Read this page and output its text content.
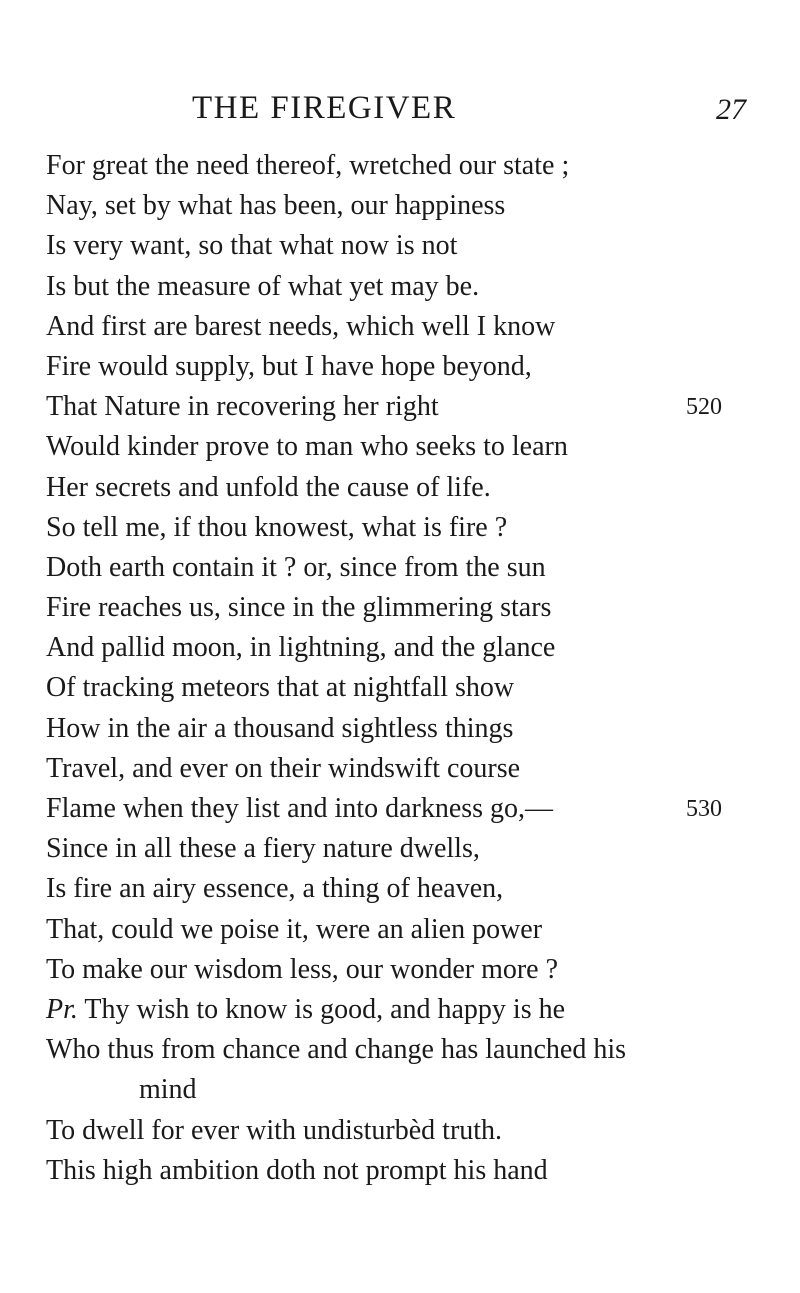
THE FIREGIVER	27
For great the need thereof, wretched our state ;
Nay, set by what has been, our happiness
Is very want, so that what now is not
Is but the measure of what yet may be.
And first are barest needs, which well I know
Fire would supply, but I have hope beyond,
That Nature in recovering her right	520
Would kinder prove to man who seeks to learn
Her secrets and unfold the cause of life.
So tell me, if thou knowest, what is fire ?
Doth earth contain it ? or, since from the sun
Fire reaches us, since in the glimmering stars
And pallid moon, in lightning, and the glance
Of tracking meteors that at nightfall show
How in the air a thousand sightless things
Travel, and ever on their windswift course
Flame when they list and into darkness go,—	530
Since in all these a fiery nature dwells,
Is fire an airy essence, a thing of heaven,
That, could we poise it, were an alien power
To make our wisdom less, our wonder more ?
Pr. Thy wish to know is good, and happy is he
Who thus from chance and change has launched his
mind
To dwell for ever with undisturbèd truth.
This high ambition doth not prompt his hand
